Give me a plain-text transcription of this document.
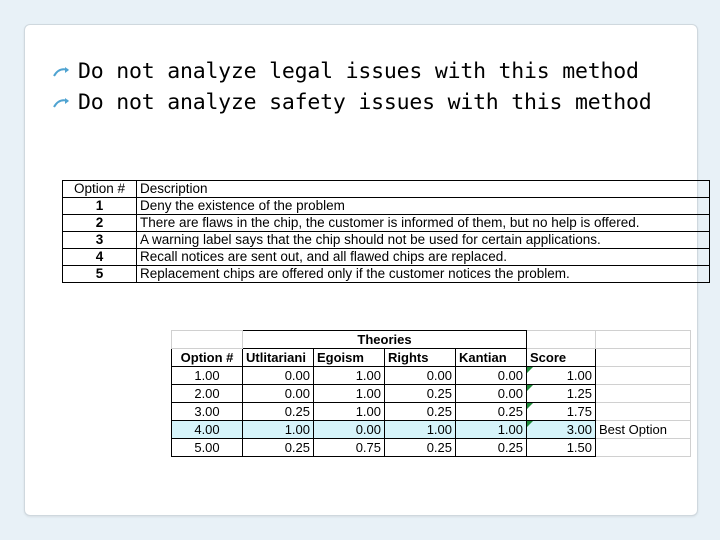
Do not analyze legal issues with this method
Do not analyze safety issues with this method
Option #	Description
1	Deny the existence of the problem
2	There are flaws in the chip, the customer is informed of them, but no help is offered.
3	A warning label says that the chip should not be used for certain applications.
4	Recall notices are sent out, and all flawed chips are replaced.
5	Replacement chips are offered only if the customer notices the problem.
	Theories					
Option #	Utlitariani	Egoism	Rights	Kantian	Score	
1.00	0.00	1.00	0.00	0.00	1.00	
2.00	0.00	1.00	0.25	0.00	1.25	
3.00	0.25	1.00	0.25	0.25	1.75	
4.00	1.00	0.00	1.00	1.00	3.00	Best Option
5.00	0.25	0.75	0.25	0.25	1.50	
